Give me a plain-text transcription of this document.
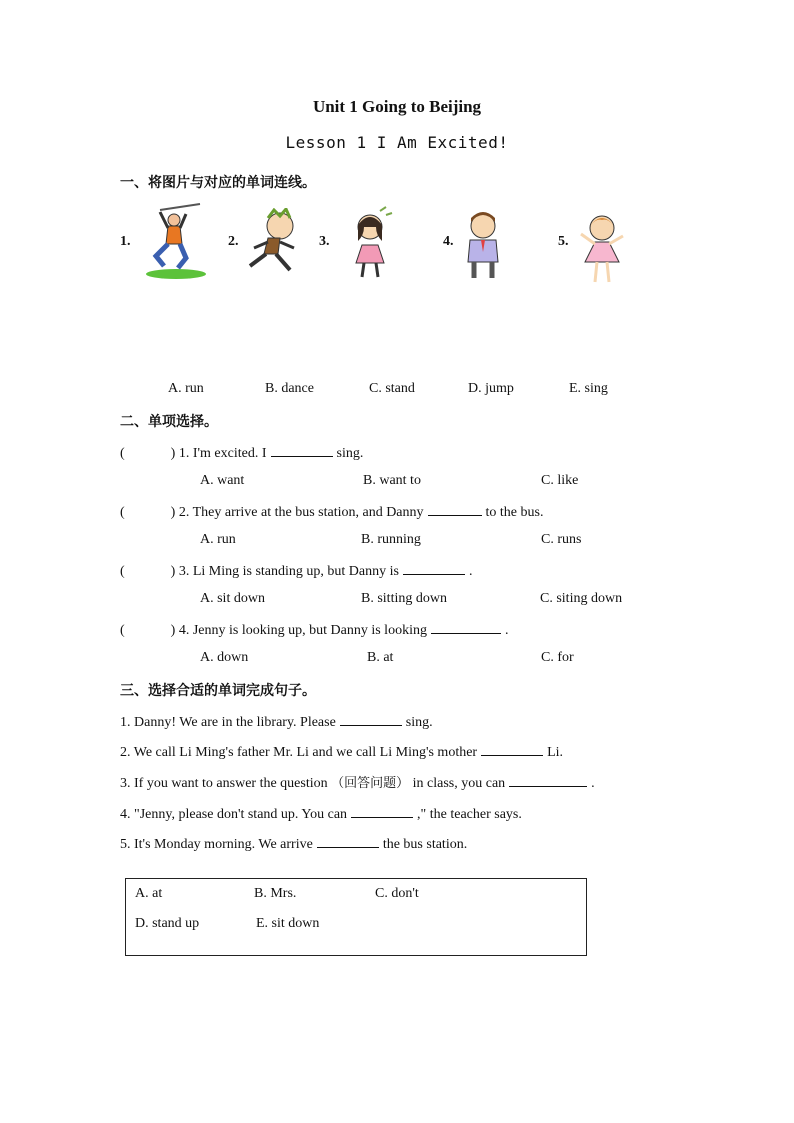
Unit 1 Going to Beijing
Lesson 1 I Am Excited!
一、将图片与对应的单词连线。
1.	2.	3.	4.	5.
A. run	B. dance	C. stand	D. jump	E. sing
二、单项选择。
(	) 1. I'm excited. I	sing.
A. want	B. want to	C. like
(	) 2. They arrive at the bus station, and Danny	to the bus.
A. run	B. running	C. runs
(	) 3. Li Ming is standing up, but Danny is	.
A. sit down	B. sitting down	C. siting down
(	) 4. Jenny is looking up, but Danny is looking	.
A. down	B. at	C. for
三、选择合适的单词完成句子。
1. Danny! We are in the library. Please	sing.
2. We call Li Ming's father Mr. Li and we call Li Ming's mother	Li.
3. If you want to answer the question （回答问题） in class, you can	.
4. "Jenny, please don't stand up. You can	," the teacher says.
5. It's Monday morning. We arrive	the bus station.
A. at	B. Mrs.	C. don't
D. stand up	E. sit down
